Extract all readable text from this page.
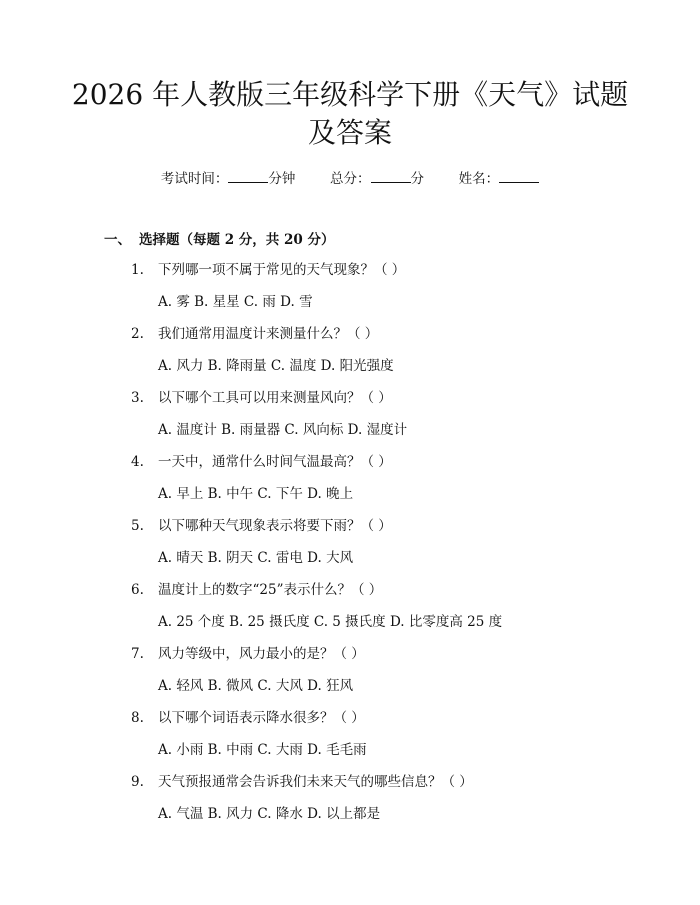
2026 年人教版三年级科学下册《天气》试题
及答案
考试时间：	分钟	总分：	分	姓名：
一、 选择题（每题 2 分，共 20 分）
1. 下列哪一项不属于常见的天气现象？（ ）
A. 雾 B. 星星 C. 雨 D. 雪
2. 我们通常用温度计来测量什么？（ ）
A. 风力 B. 降雨量 C. 温度 D. 阳光强度
3. 以下哪个工具可以用来测量风向？（ ）
A. 温度计 B. 雨量器 C. 风向标 D. 湿度计
4. 一天中，通常什么时间气温最高？（ ）
A. 早上 B. 中午 C. 下午 D. 晚上
5. 以下哪种天气现象表示将要下雨？（ ）
A. 晴天 B. 阴天 C. 雷电 D. 大风
6. 温度计上的数字“25”表示什么？（ ）
A. 25 个度 B. 25 摄氏度 C. 5 摄氏度 D. 比零度高 25 度
7. 风力等级中，风力最小的是？（ ）
A. 轻风 B. 微风 C. 大风 D. 狂风
8. 以下哪个词语表示降水很多？（ ）
A. 小雨 B. 中雨 C. 大雨 D. 毛毛雨
9. 天气预报通常会告诉我们未来天气的哪些信息？（ ）
A. 气温 B. 风力 C. 降水 D. 以上都是
